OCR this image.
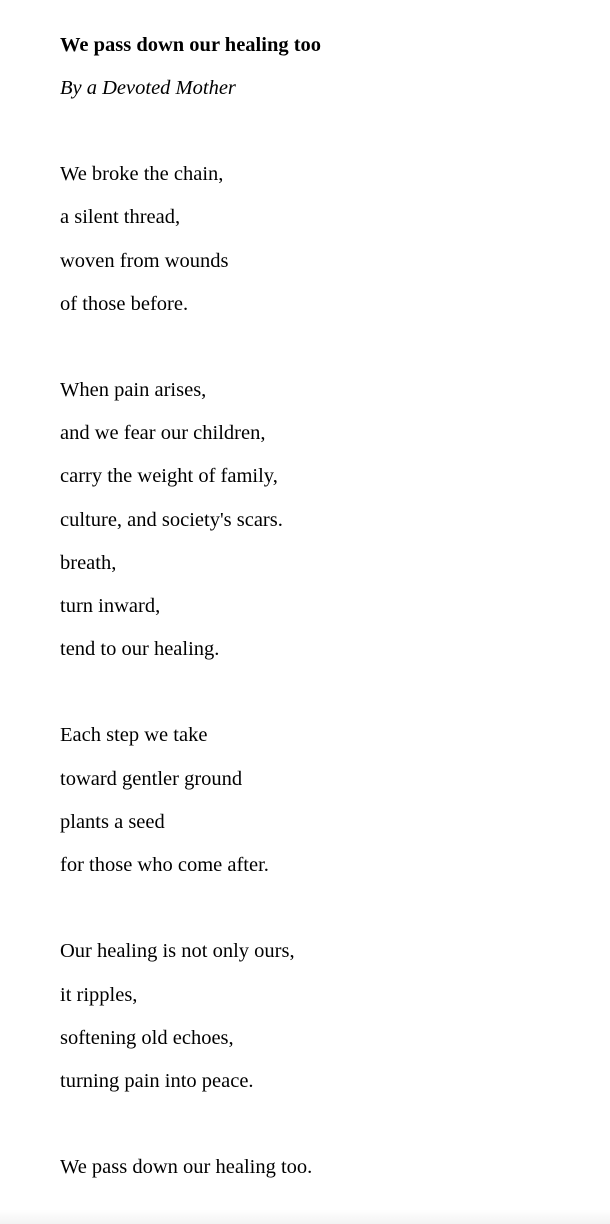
We pass down our healing too
By a Devoted Mother
We broke the chain,
a silent thread,
woven from wounds
of those before.
When pain arises,
and we fear our children,
carry the weight of family,
culture, and society's scars.
breath,
turn inward,
tend to our healing.
Each step we take
toward gentler ground
plants a seed
for those who come after.
Our healing is not only ours,
it ripples,
softening old echoes,
turning pain into peace.
We pass down our healing too.
